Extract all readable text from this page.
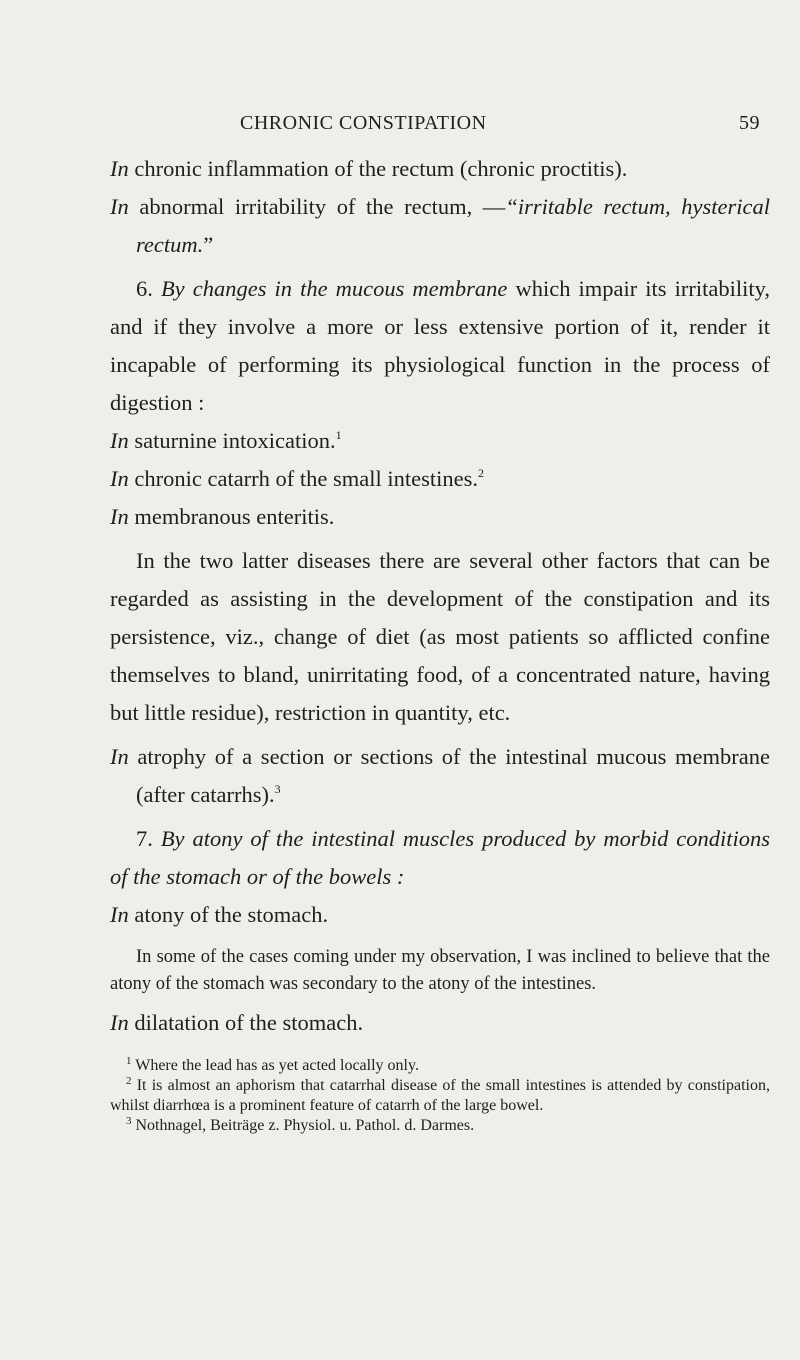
CHRONIC CONSTIPATION	59

In chronic inflammation of the rectum (chronic proctitis).

In abnormal irritability of the rectum, —“irritable rectum, hysterical rectum.”

6. By changes in the mucous membrane which impair its irritability, and if they involve a more or less extensive portion of it, render it incapable of performing its physiological function in the process of digestion :

In saturnine intoxication.$^1$

In chronic catarrh of the small intestines.$^2$

In membranous enteritis.

In the two latter diseases there are several other factors that can be regarded as assisting in the development of the constipation and its persistence, viz., change of diet (as most patients so afflicted confine themselves to bland, unirritating food, of a concentrated nature, having but little residue), restriction in quantity, etc.

In atrophy of a section or sections of the intestinal mucous membrane (after catarrhs).$^3$

7. By atony of the intestinal muscles produced by morbid conditions of the stomach or of the bowels :

In atony of the stomach.

In some of the cases coming under my observation, I was inclined to believe that the atony of the stomach was secondary to the atony of the intestines.

In dilatation of the stomach.

$^1$ Where the lead has as yet acted locally only.

$^2$ It is almost an aphorism that catarrhal disease of the small intestines is attended by constipation, whilst diarrhœa is a prominent feature of catarrh of the large bowel.

$^3$ Nothnagel, Beiträge z. Physiol. u. Pathol. d. Darmes.
